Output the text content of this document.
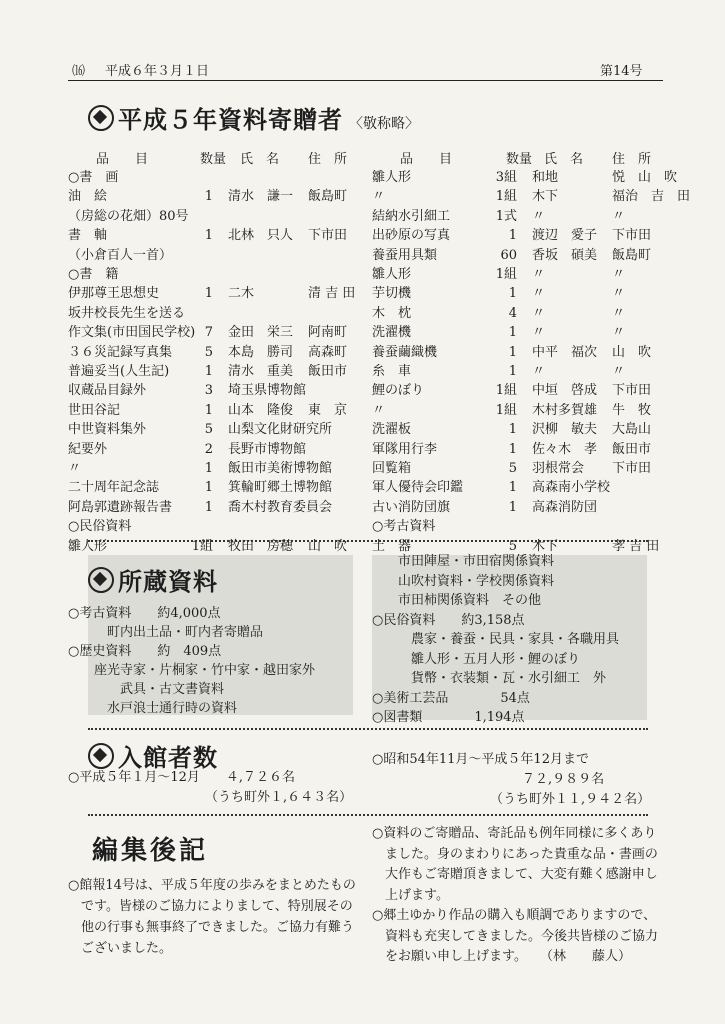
⒃ 平成６年３月１日	第14号
平成５年資料寄贈者 〈敬称略〉
品　　目	数量 氏　名 住　所	品　　目	数量 氏　名 住　所
○書　画
油　絵	1 清水　謙一 飯島町
（房総の花畑）80号
書　軸	1 北林　只人 下市田
（小倉百人一首）
○書　籍
伊那尊王思想史	1 二木	清 吉 田
坂井校長先生を送る
作文集(市田国民学校) 7 金田　栄三 阿南町
３６災記録写真集	5 本島　勝司 高森町
普遍妥当(人生記)	1 清水　重美 飯田市
収蔵品目録外	3 埼玉県博物館
世田谷記	1 山本　隆俊 東　京
中世資料集外	5 山梨文化財研究所
紀要外	2 長野市博物館
〃	1 飯田市美術博物館
二十周年記念誌	1 箕輪町郷土博物館
阿島郭遺跡報告書	1 喬木村教育委員会
○民俗資料
雛人形	1組 牧田　房穂 山　吹
雛人形	3組 和地	悦　山　吹
〃	1組 木下	福治　吉　田
結納水引細工	1式 〃	〃
出砂原の写真	1 渡辺　愛子 下市田
養蚕用具類	60 香坂　碩美 飯島町
雛人形	1組 〃	〃
芋切機	1 〃	〃
木　枕	4 〃	〃
洗濯機	1 〃	〃
養蚕繭織機	1 中平　福次 山　吹
糸　車	1 〃	〃
鯉のぼり	1組 中垣　啓成 下市田
〃	1組 木村多賀雄 牛　牧
洗濯板	1 沢柳　敏夫 大島山
軍隊用行李	1 佐々木　孝 飯田市
回覧箱	5 羽根常会 下市田
軍人優待会印鑑	1 高森南小学校
古い消防団旗	1 高森消防団
○考古資料
土　器	5 木下	孝 吉 田
所蔵資料
○考古資料　　約4,000点
　　　町内出土品・町内者寄贈品
○歴史資料　　約　409点
　　座光寺家・片桐家・竹中家・越田家外
　　　　武具・古文書資料
　　　水戸浪士通行時の資料
　　市田陣屋・市田宿関係資料
　　山吹村資料・学校関係資料
　　市田柿関係資料　その他
○民俗資料　　約3,158点
　　　農家・養蚕・民具・家具・各職用具
　　　雛人形・五月人形・鯉のぼり
　　　貨幣・衣装類・瓦・水引細工　外
○美術工芸品　　　　54点
○図書類　　　　1,194点
入館者数
○平成５年１月〜12月　　４,７２６名
（うち町外１,６４３名）
○昭和54年11月〜平成５年12月まで
７２,９８９名
（うち町外１１,９４２名）
編集後記
○館報14号は、平成５年度の歩みをまとめたもの
　です。皆様のご協力によりまして、特別展その
　他の行事も無事終了できました。ご協力有難う
　ございました。
○資料のご寄贈品、寄託品も例年同様に多くあり
　ました。身のまわりにあった貴重な品・書画の
　大作もご寄贈頂きまして、大変有難く感謝申し
　上げます。
○郷土ゆかり作品の購入も順調でありますので、
　資料も充実してきました。今後共皆様のご協力
　をお願い申し上げます。　　（林　　藤人）
